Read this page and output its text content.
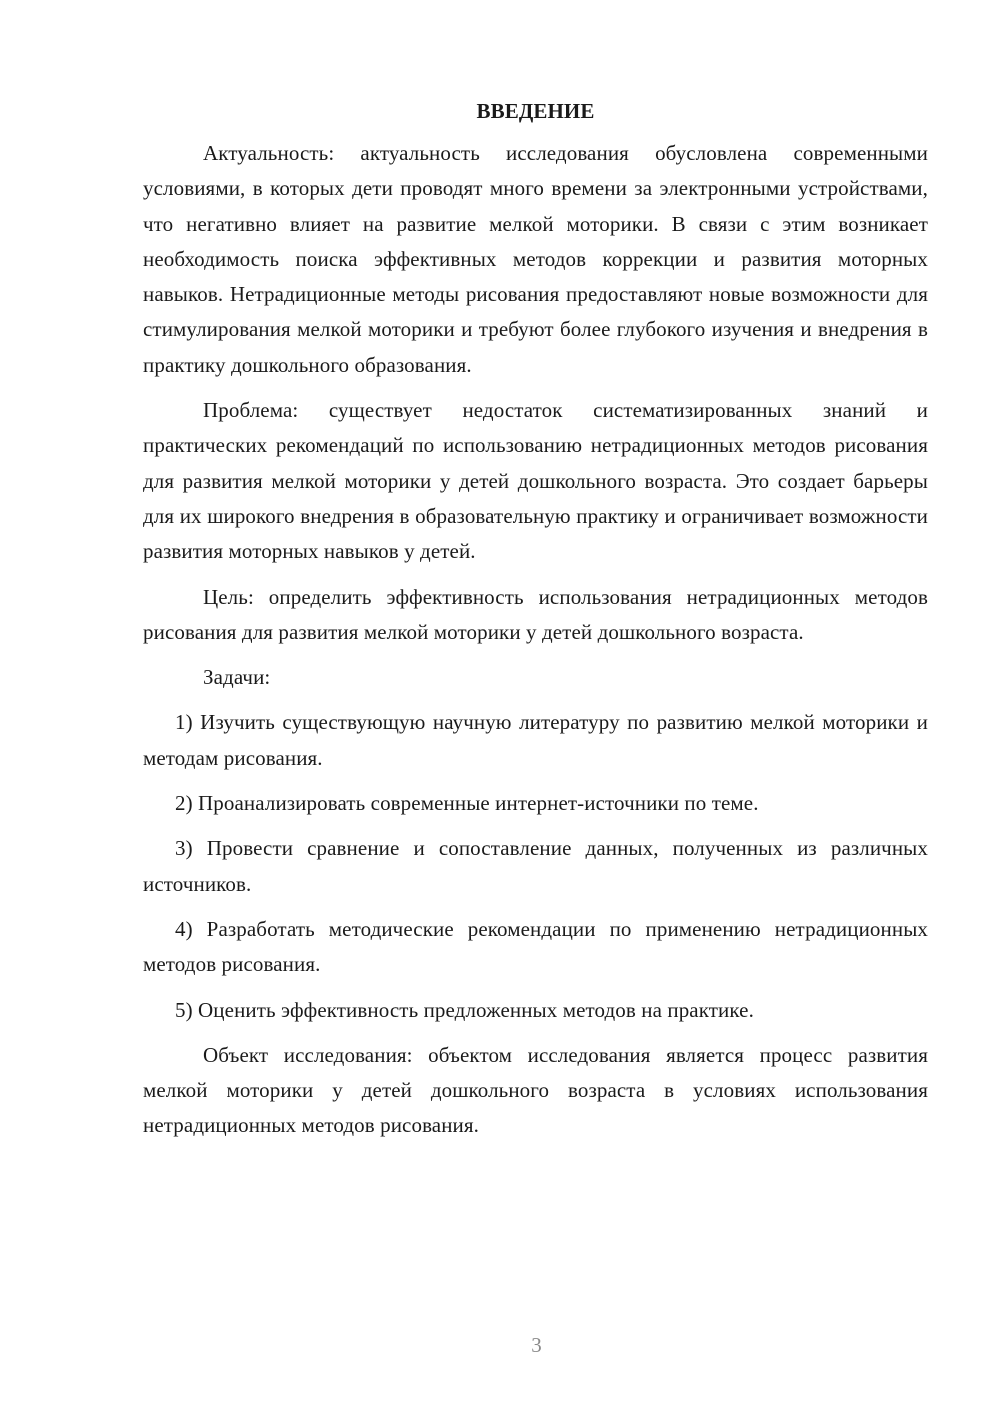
ВВЕДЕНИЕ
Актуальность: актуальность исследования обусловлена современными условиями, в которых дети проводят много времени за электронными устройствами, что негативно влияет на развитие мелкой моторики. В связи с этим возникает необходимость поиска эффективных методов коррекции и развития моторных навыков. Нетрадиционные методы рисования предоставляют новые возможности для стимулирования мелкой моторики и требуют более глубокого изучения и внедрения в практику дошкольного образования.
Проблема: существует недостаток систематизированных знаний и практических рекомендаций по использованию нетрадиционных методов рисования для развития мелкой моторики у детей дошкольного возраста. Это создает барьеры для их широкого внедрения в образовательную практику и ограничивает возможности развития моторных навыков у детей.
Цель: определить эффективность использования нетрадиционных методов рисования для развития мелкой моторики у детей дошкольного возраста.
Задачи:
1) Изучить существующую научную литературу по развитию мелкой моторики и методам рисования.
2) Проанализировать современные интернет-источники по теме.
3) Провести сравнение и сопоставление данных, полученных из различных источников.
4) Разработать методические рекомендации по применению нетрадиционных методов рисования.
5) Оценить эффективность предложенных методов на практике.
Объект исследования: объектом исследования является процесс развития мелкой моторики у детей дошкольного возраста в условиях использования нетрадиционных методов рисования.
3
